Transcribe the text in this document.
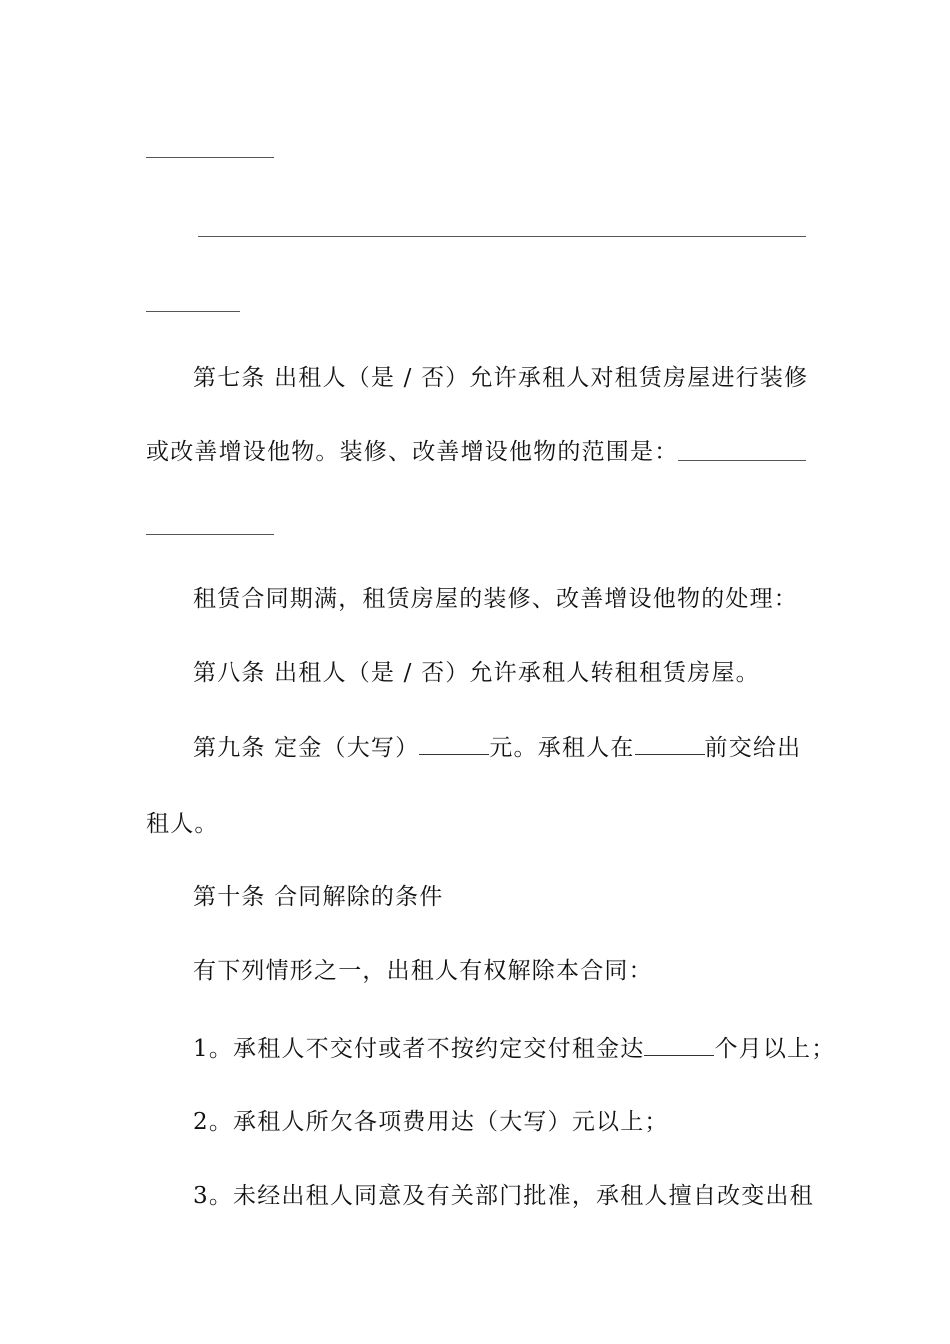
第七条 出租人（是 / 否）允许承租人对租赁房屋进行装修
或改善增设他物。装修、改善增设他物的范围是：
租赁合同期满，租赁房屋的装修、改善增设他物的处理：
第八条 出租人（是 / 否）允许承租人转租租赁房屋。
第九条 定金（大写）	元。承租人在	前交给出
租人。
第十条 合同解除的条件
有下列情形之一，出租人有权解除本合同：
1。承租人不交付或者不按约定交付租金达	个月以上；
2。承租人所欠各项费用达（大写）元以上；
3。未经出租人同意及有关部门批准，承租人擅自改变出租
